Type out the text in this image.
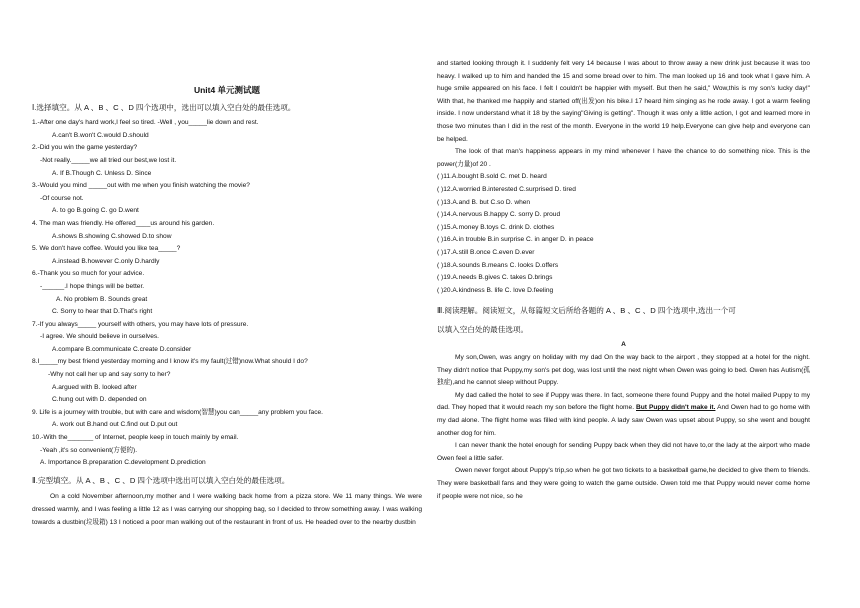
Unit4 单元测试题
Ⅰ.选择填空。从 A 、B 、C 、D 四个选项中，选出可以填入空白处的最佳选项。
1.-After one day's hard work,I feel so tired. -Well , you_____lie down and rest.
A.can't B.won't C.would D.should
2.-Did you win the game yesterday?
-Not really._____we all tried our best,we lost it.
A. If B.Though C. Unless D. Since
3.-Would you mind _____out with me when you finish watching the movie?
-Of course not.
A. to go B.going C. go D.went
4. The man was friendly. He offered____us around his garden.
A.shows B.showing C.showed D.to show
5. We don't have coffee. Would you like tea_____?
A.instead B.however C.only D.hardly
6.-Thank you so much for your advice.
-______.I hope things will be better.
A. No problem B. Sounds great
C. Sorry to hear that D.That's right
7.-If you always_____ yourself with others, you may have lots of pressure.
-I agree. We should believe in ourselves.
A.compare B.communicate C.create D.consider
8.I_____my best friend yesterday morning and I know it's my fault(过错)now.What should I do?
-Why not call her up and say sorry to her?
A.argued with B. looked after
C.hung out with D. depended on
9. Life is a journey with trouble, but with care and wisdom(智慧)you can_____any problem you face.
A. work out B.hand out C.find out D.put out
10.-With the_______ of Internet, people keep in touch mainly by email.
-Yeah ,it's so convenient(方便的).
A. Importance B.preparation C.development D.prediction
Ⅱ.完型填空。从 A 、B 、C 、D 四个选项中选出可以填入空白处的最佳选项。
On a cold November afternoon,my mother and I were walking back home from a pizza store. We 11 many things. We were dressed warmly, and I was feeling a little 12 as I was carrying our shopping bag, so I decided to throw something away. I was walking towards a dustbin(垃圾箱) 13 I noticed a poor man walking out of the restaurant in front of us. He headed over to the nearby dustbin
and started looking through it. I suddenly felt very 14 because I was about to throw away a new drink just because it was too heavy. I walked up to him and handed the 15 and some bread over to him. The man looked up 16 and took what I gave him. A huge smile appeared on his face. I felt I couldn't be happier with myself. But then he said," Wow,this is my son's lucky day!" With that, he thanked me happily and started off(出发)on his bike.I 17 heard him singing as he rode away. I got a warm feeling inside. I now understand what it 18 by the saying"Giving is getting". Though it was only a little action, I got and learned more in those two minutes than I did in the rest of the month. Everyone in the world 19 help.Everyone can give help and everyone can be helped.
The look of that man's happiness appears in my mind whenever I have the chance to do something nice. This is the power(力量)of 20 .
( )11.A.bought B.sold C. met D. heard
( )12.A.worried B.interested C.surprised D. tired
( )13.A.and B. but C.so D. when
( )14.A.nervous B.happy C. sorry D. proud
( )15.A.money B.toys C. drink D. clothes
( )16.A.in trouble B.in surprise C. in anger D. in peace
( )17.A.still B.once C.even D.ever
( )18.A.sounds B.means C. looks D.offers
( )19.A.needs B.gives C. takes D.brings
( )20.A.kindness B. life C. love D.feeling
Ⅲ.阅读理解。阅读短文，从每篇短文后所给各题的 A 、B 、C 、D 四个选项中,选出一个可
以填入空白处的最佳选项。
A
My son,Owen, was angry on holiday with my dad On the way back to the airport , they stopped at a hotel for the night. They didn't notice that Puppy,my son's pet dog, was lost until the next night when Owen was going lo bed. Owen has Autism(孤独症),and he cannot sleep without Puppy.
My dad called the hotel to see if Puppy was there. In fact, someone there found Puppy and the hotel mailed Puppy to my dad. They hoped that it would reach my son before the flight home. But Puppy didn't make it. And Owen had to go home with my dad alone. The flight home was filled with kind people. A lady saw Owen was upset about Puppy, so she went and bought another dog for him.
I can never thank the hotel enough for sending Puppy back when they did not have to,or the lady at the airport who made Owen feel a little safer.
Owen never forgot about Puppy's trip,so when he got two tickets to a basketball game,he decided to give them to friends. They were basketball fans and they were going to watch the game outside. Owen told me that Puppy would never come home if people were not nice, so he
